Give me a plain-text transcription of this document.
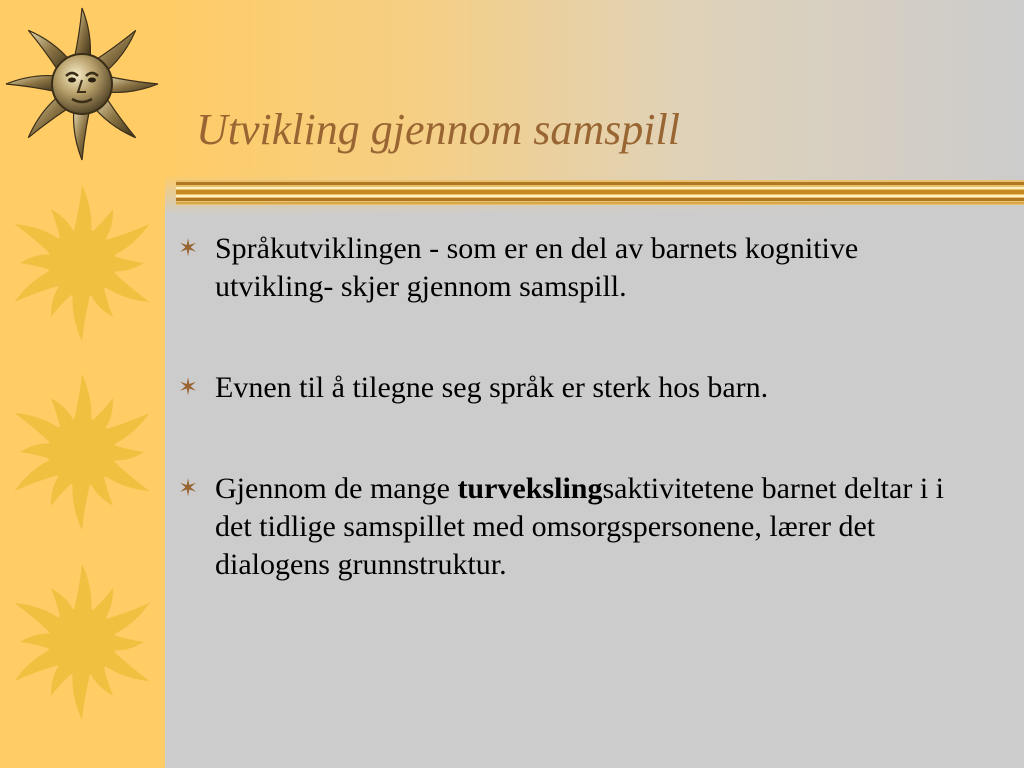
Utvikling gjennom samspill
✶ Språkutviklingen - som er en del av barnets kognitive utvikling- skjer gjennom samspill.
✶ Evnen til å tilegne seg språk er sterk hos barn.
✶ Gjennom de mange turvekslingsaktivitetene barnet deltar i i det tidlige samspillet med omsorgspersonene, lærer det dialogens grunnstruktur.
